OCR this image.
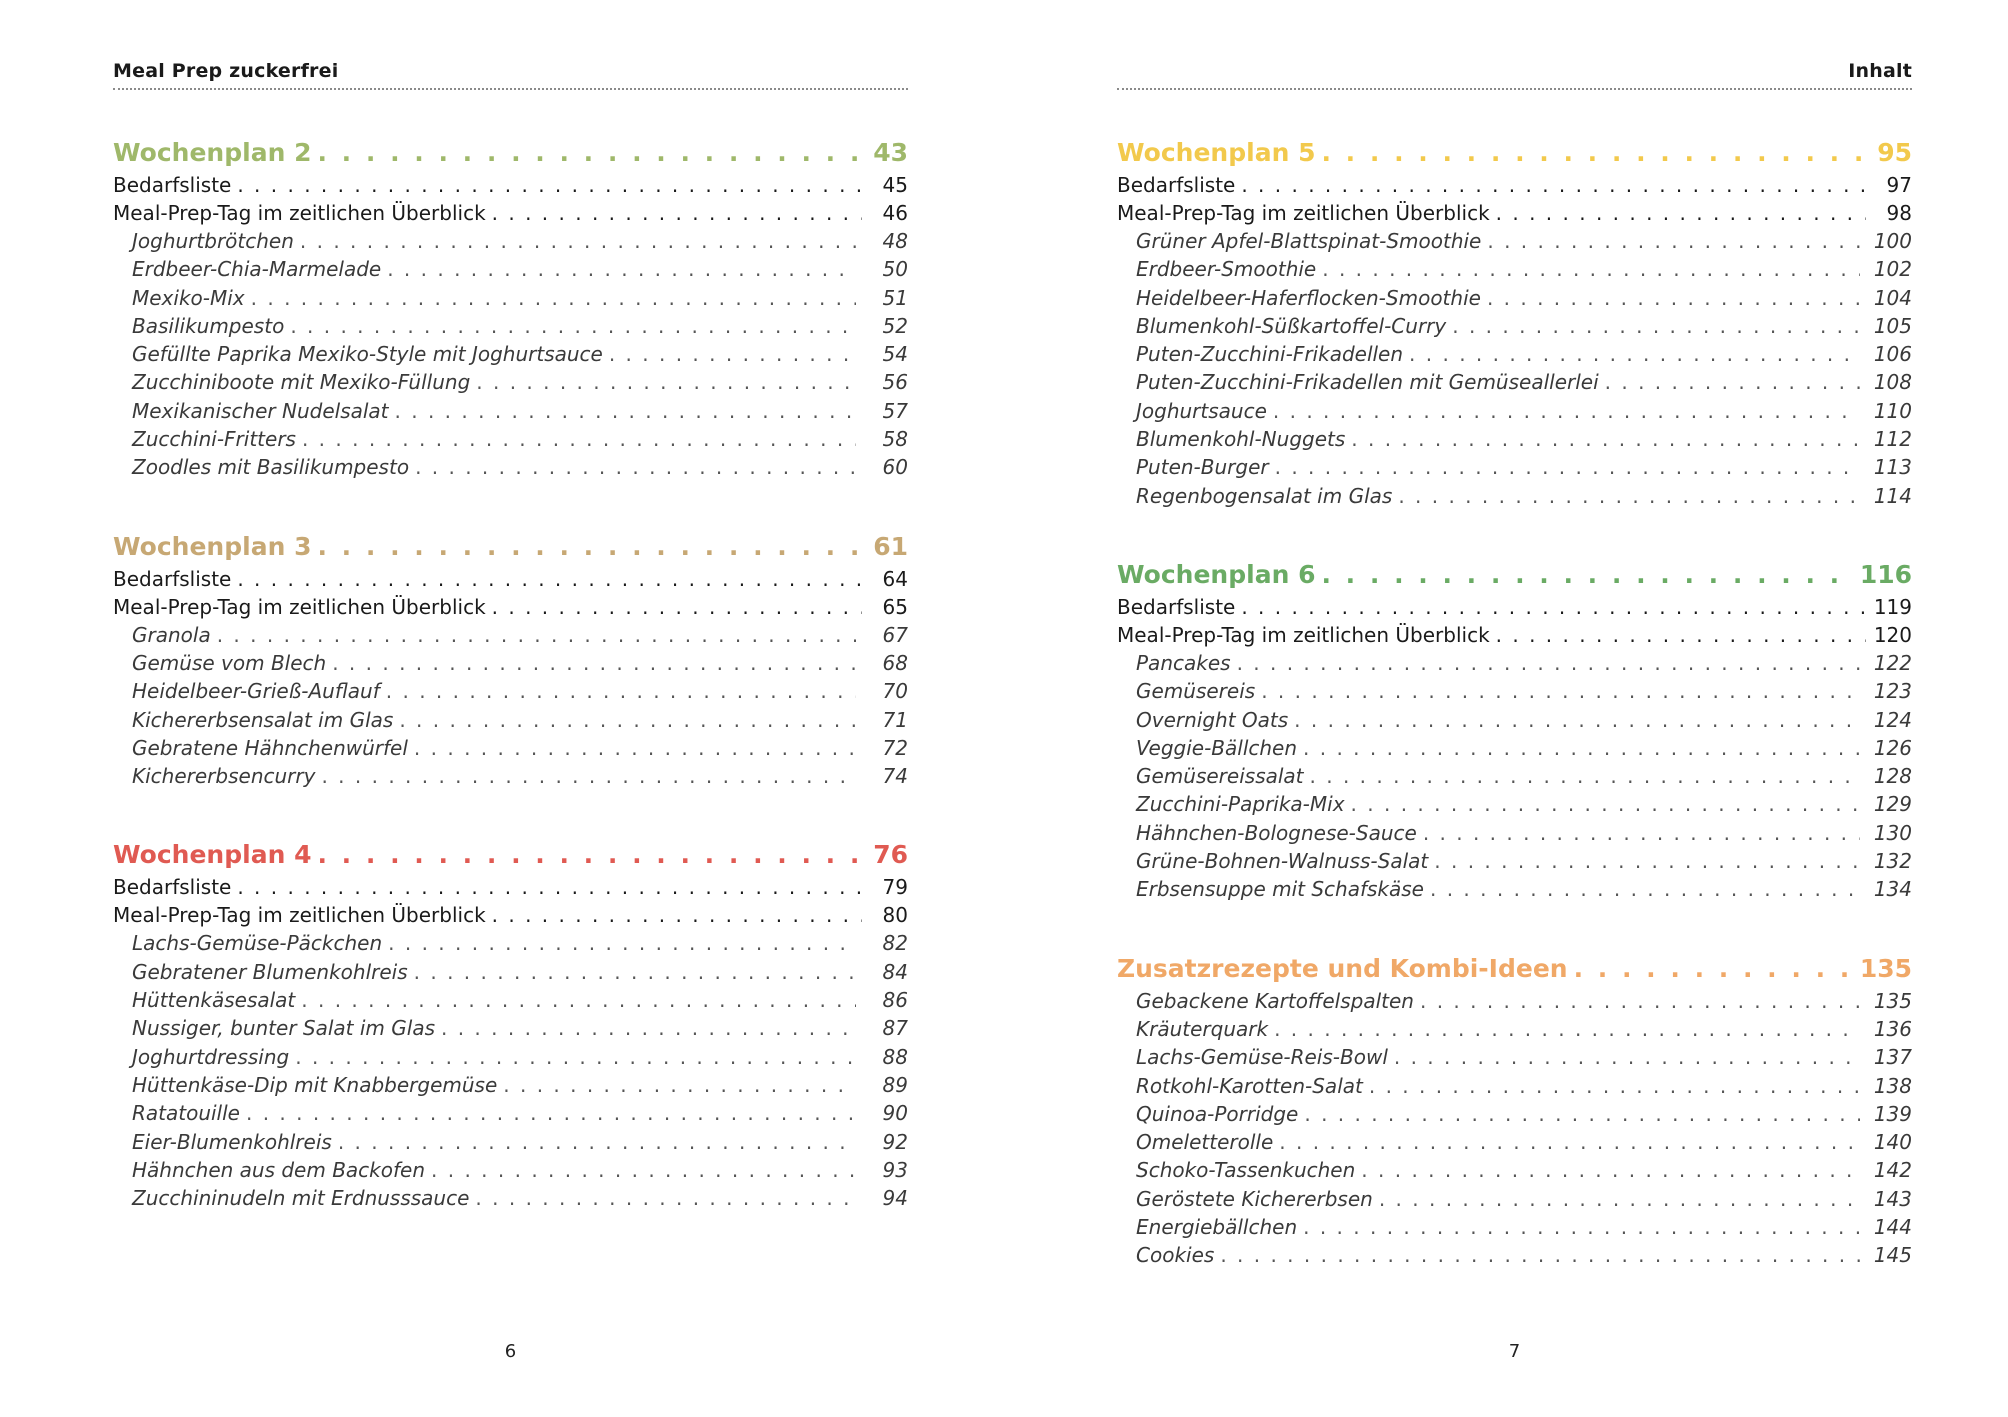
Meal Prep zuckerfrei
Wochenplan 2 . . .	43
Bedarfsliste . . .	45
Meal-Prep-Tag im zeitlichen Überblick . . .	46
Joghurtbrötchen . . .	48
Erdbeer-Chia-Marmelade . . .	50
Mexiko-Mix . . .	51
Basilikumpesto . . .	52
Gefüllte Paprika Mexiko-Style mit Joghurtsauce . . .	54
Zucchiniboote mit Mexiko-Füllung . . .	56
Mexikanischer Nudelsalat . . .	57
Zucchini-Fritters . . .	58
Zoodles mit Basilikumpesto . . .	60
Wochenplan 3 . . .	61
Bedarfsliste . . .	64
Meal-Prep-Tag im zeitlichen Überblick . . .	65
Granola . . .	67
Gemüse vom Blech . . .	68
Heidelbeer-Grieß-Auflauf . . .	70
Kichererbsensalat im Glas . . .	71
Gebratene Hähnchenwürfel . . .	72
Kichererbsencurry . . .	74
Wochenplan 4 . . .	76
Bedarfsliste . . .	79
Meal-Prep-Tag im zeitlichen Überblick . . .	80
Lachs-Gemüse-Päckchen . . .	82
Gebratener Blumenkohlreis . . .	84
Hüttenkäsesalat . . .	86
Nussiger, bunter Salat im Glas . . .	87
Joghurtdressing . . .	88
Hüttenkäse-Dip mit Knabbergemüse . . .	89
Ratatouille . . .	90
Eier-Blumenkohlreis . . .	92
Hähnchen aus dem Backofen . . .	93
Zucchininudeln mit Erdnusssauce . . .	94
6
Inhalt
Wochenplan 5 . . .	95
Bedarfsliste . . .	97
Meal-Prep-Tag im zeitlichen Überblick . . .	98
Grüner Apfel-Blattspinat-Smoothie . . .	100
Erdbeer-Smoothie . . .	102
Heidelbeer-Haferflocken-Smoothie . . .	104
Blumenkohl-Süßkartoffel-Curry . . .	105
Puten-Zucchini-Frikadellen . . .	106
Puten-Zucchini-Frikadellen mit Gemüseallerlei . . .	108
Joghurtsauce . . .	110
Blumenkohl-Nuggets . . .	112
Puten-Burger . . .	113
Regenbogensalat im Glas . . .	114
Wochenplan 6 . . .	116
Bedarfsliste . . .	119
Meal-Prep-Tag im zeitlichen Überblick . . .	120
Pancakes . . .	122
Gemüsereis . . .	123
Overnight Oats . . .	124
Veggie-Bällchen . . .	126
Gemüsereissalat . . .	128
Zucchini-Paprika-Mix . . .	129
Hähnchen-Bolognese-Sauce . . .	130
Grüne-Bohnen-Walnuss-Salat . . .	132
Erbsensuppe mit Schafskäse . . .	134
Zusatzrezepte und Kombi-Ideen . . .	135
Gebackene Kartoffelspalten . . .	135
Kräuterquark . . .	136
Lachs-Gemüse-Reis-Bowl . . .	137
Rotkohl-Karotten-Salat . . .	138
Quinoa-Porridge . . .	139
Omeletterolle . . .	140
Schoko-Tassenkuchen . . .	142
Geröstete Kichererbsen . . .	143
Energiebällchen . . .	144
Cookies . . .	145
7
